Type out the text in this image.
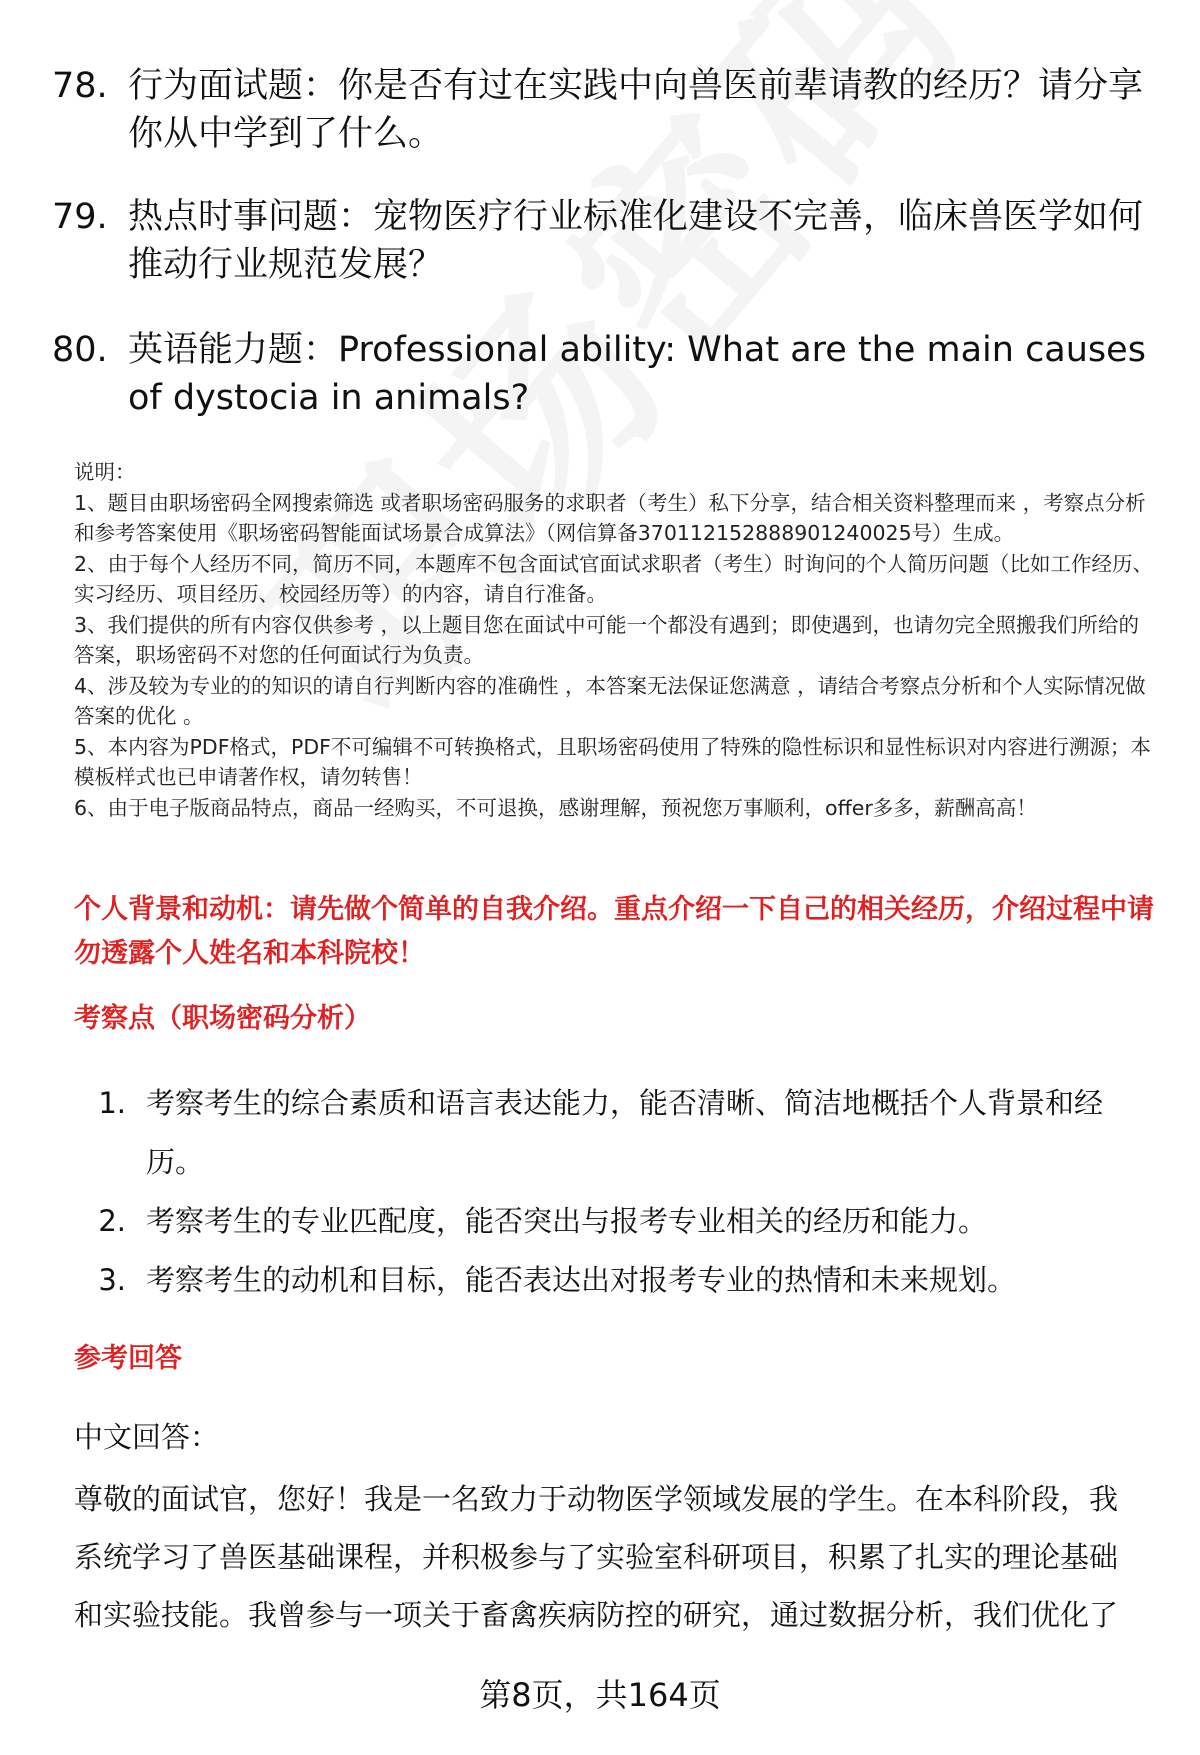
78. 行为面试题：你是否有过在实践中向兽医前辈请教的经历？请分享你从中学到了什么。
79. 热点时事问题：宠物医疗行业标准化建设不完善，临床兽医学如何推动行业规范发展？
80. 英语能力题：Professional ability: What are the main causes of dystocia in animals?

说明：

1、题目由职场密码全网搜索筛选 或者职场密码服务的求职者（考生）私下分享，结合相关资料整理而来 ，考察点分析和参考答案使用《职场密码智能面试场景合成算法》（网信算备370112152888901240025号）生成。

2、由于每个人经历不同，简历不同，本题库不包含面试官面试求职者（考生）时询问的个人简历问题（比如工作经历、实习经历、项目经历、校园经历等）的内容，请自行准备。

3、我们提供的所有内容仅供参考 ，以上题目您在面试中可能一个都没有遇到；即使遇到，也请勿完全照搬我们所给的答案，职场密码不对您的任何面试行为负责。

4、涉及较为专业的的知识的请自行判断内容的准确性 ，本答案无法保证您满意 ，请结合考察点分析和个人实际情况做答案的优化 。

5、本内容为PDF格式，PDF不可编辑不可转换格式，且职场密码使用了特殊的隐性标识和显性标识对内容进行溯源；本模板样式也已申请著作权，请勿转售！

6、由于电子版商品特点，商品一经购买，不可退换，感谢理解，预祝您万事顺利，offer多多，薪酬高高！

个人背景和动机：请先做个简单的自我介绍。重点介绍一下自己的相关经历，介绍过程中请勿透露个人姓名和本科院校！
考察点（职场密码分析）
1. 考察考生的综合素质和语言表达能力，能否清晰、简洁地概括个人背景和经历。
2. 考察考生的专业匹配度，能否突出与报考专业相关的经历和能力。
3. 考察考生的动机和目标，能否表达出对报考专业的热情和未来规划。
参考回答
中文回答：

尊敬的面试官，您好！我是一名致力于动物医学领域发展的学生。在本科阶段，我系统学习了兽医基础课程，并积极参与了实验室科研项目，积累了扎实的理论基础和实验技能。我曾参与一项关于畜禽疾病防控的研究，通过数据分析，我们优化了

第8页，共164页
